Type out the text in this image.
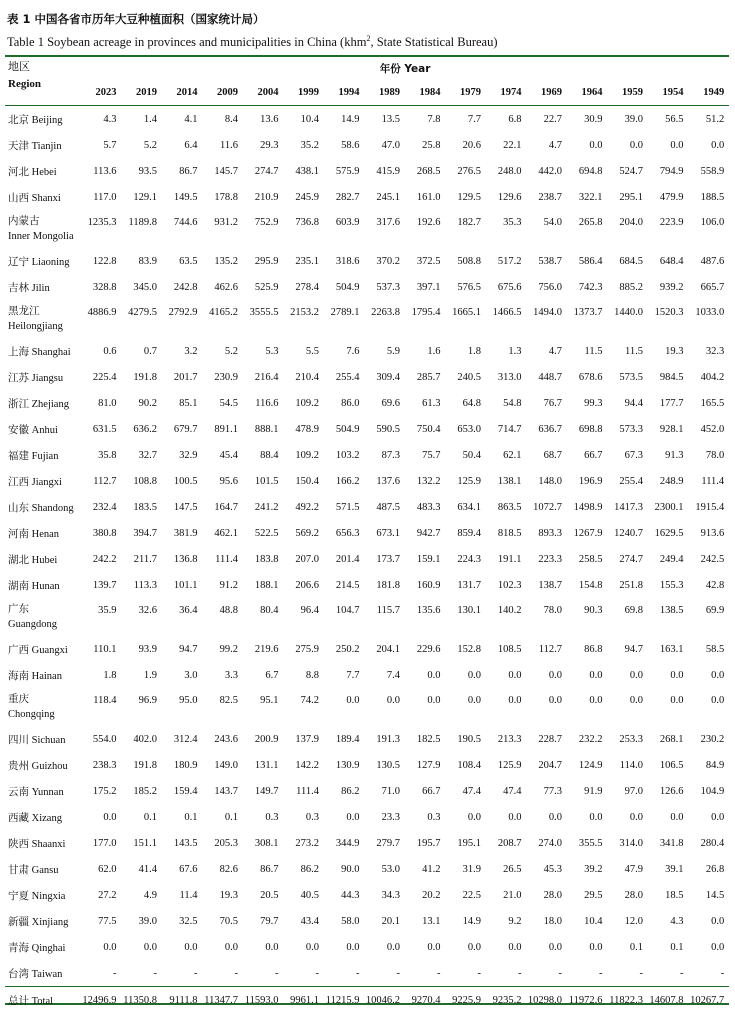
表 1 中国各省市历年大豆种植面积（国家统计局）
Table 1 Soybean acreage in provinces and municipalities in China (khm$^2$, State Statistical Bureau)
地区
Region	年份 Year															
	2023	2019	2014	2009	2004	1999	1994	1989	1984	1979	1974	1969	1964	1959	1954	1949
北京 Beijing	4.3	1.4	4.1	8.4	13.6	10.4	14.9	13.5	7.8	7.7	6.8	22.7	30.9	39.0	56.5	51.2
天津 Tianjin	5.7	5.2	6.4	11.6	29.3	35.2	58.6	47.0	25.8	20.6	22.1	4.7	0.0	0.0	0.0	0.0
河北 Hebei	113.6	93.5	86.7	145.7	274.7	438.1	575.9	415.9	268.5	276.5	248.0	442.0	694.8	524.7	794.9	558.9
山西 Shanxi	117.0	129.1	149.5	178.8	210.9	245.9	282.7	245.1	161.0	129.5	129.6	238.7	322.1	295.1	479.9	188.5
内蒙古
Inner Mongolia	1235.3	1189.8	744.6	931.2	752.9	736.8	603.9	317.6	192.6	182.7	35.3	54.0	265.8	204.0	223.9	106.0
辽宁 Liaoning	122.8	83.9	63.5	135.2	295.9	235.1	318.6	370.2	372.5	508.8	517.2	538.7	586.4	684.5	648.4	487.6
吉林 Jilin	328.8	345.0	242.8	462.6	525.9	278.4	504.9	537.3	397.1	576.5	675.6	756.0	742.3	885.2	939.2	665.7
黑龙江
Heilongjiang	4886.9	4279.5	2792.9	4165.2	3555.5	2153.2	2789.1	2263.8	1795.4	1665.1	1466.5	1494.0	1373.7	1440.0	1520.3	1033.0
上海 Shanghai	0.6	0.7	3.2	5.2	5.3	5.5	7.6	5.9	1.6	1.8	1.3	4.7	11.5	11.5	19.3	32.3
江苏 Jiangsu	225.4	191.8	201.7	230.9	216.4	210.4	255.4	309.4	285.7	240.5	313.0	448.7	678.6	573.5	984.5	404.2
浙江 Zhejiang	81.0	90.2	85.1	54.5	116.6	109.2	86.0	69.6	61.3	64.8	54.8	76.7	99.3	94.4	177.7	165.5
安徽 Anhui	631.5	636.2	679.7	891.1	888.1	478.9	504.9	590.5	750.4	653.0	714.7	636.7	698.8	573.3	928.1	452.0
福建 Fujian	35.8	32.7	32.9	45.4	88.4	109.2	103.2	87.3	75.7	50.4	62.1	68.7	66.7	67.3	91.3	78.0
江西 Jiangxi	112.7	108.8	100.5	95.6	101.5	150.4	166.2	137.6	132.2	125.9	138.1	148.0	196.9	255.4	248.9	111.4
山东 Shandong	232.4	183.5	147.5	164.7	241.2	492.2	571.5	487.5	483.3	634.1	863.5	1072.7	1498.9	1417.3	2300.1	1915.4
河南 Henan	380.8	394.7	381.9	462.1	522.5	569.2	656.3	673.1	942.7	859.4	818.5	893.3	1267.9	1240.7	1629.5	913.6
湖北 Hubei	242.2	211.7	136.8	111.4	183.8	207.0	201.4	173.7	159.1	224.3	191.1	223.3	258.5	274.7	249.4	242.5
湖南 Hunan	139.7	113.3	101.1	91.2	188.1	206.6	214.5	181.8	160.9	131.7	102.3	138.7	154.8	251.8	155.3	42.8
广东
Guangdong	35.9	32.6	36.4	48.8	80.4	96.4	104.7	115.7	135.6	130.1	140.2	78.0	90.3	69.8	138.5	69.9
广西 Guangxi	110.1	93.9	94.7	99.2	219.6	275.9	250.2	204.1	229.6	152.8	108.5	112.7	86.8	94.7	163.1	58.5
海南 Hainan	1.8	1.9	3.0	3.3	6.7	8.8	7.7	7.4	0.0	0.0	0.0	0.0	0.0	0.0	0.0	0.0
重庆
Chongqing	118.4	96.9	95.0	82.5	95.1	74.2	0.0	0.0	0.0	0.0	0.0	0.0	0.0	0.0	0.0	0.0
四川 Sichuan	554.0	402.0	312.4	243.6	200.9	137.9	189.4	191.3	182.5	190.5	213.3	228.7	232.2	253.3	268.1	230.2
贵州 Guizhou	238.3	191.8	180.9	149.0	131.1	142.2	130.9	130.5	127.9	108.4	125.9	204.7	124.9	114.0	106.5	84.9
云南 Yunnan	175.2	185.2	159.4	143.7	149.7	111.4	86.2	71.0	66.7	47.4	47.4	77.3	91.9	97.0	126.6	104.9
西藏 Xizang	0.0	0.1	0.1	0.1	0.3	0.3	0.0	23.3	0.3	0.0	0.0	0.0	0.0	0.0	0.0	0.0
陕西 Shaanxi	177.0	151.1	143.5	205.3	308.1	273.2	344.9	279.7	195.7	195.1	208.7	274.0	355.5	314.0	341.8	280.4
甘肃 Gansu	62.0	41.4	67.6	82.6	86.7	86.2	90.0	53.0	41.2	31.9	26.5	45.3	39.2	47.9	39.1	26.8
宁夏 Ningxia	27.2	4.9	11.4	19.3	20.5	40.5	44.3	34.3	20.2	22.5	21.0	28.0	29.5	28.0	18.5	14.5
新疆 Xinjiang	77.5	39.0	32.5	70.5	79.7	43.4	58.0	20.1	13.1	14.9	9.2	18.0	10.4	12.0	4.3	0.0
青海 Qinghai	0.0	0.0	0.0	0.0	0.0	0.0	0.0	0.0	0.0	0.0	0.0	0.0	0.0	0.1	0.1	0.0
台湾 Taiwan	-	-	-	-	-	-	-	-	-	-	-	-	-	-	-	-
总计 Total	12496.9	11350.8	9111.8	11347.7	11593.0	9961.1	11215.9	10046.2	9270.4	9225.9	9235.2	10298.0	11972.6	11822.3	14607.8	10267.7
